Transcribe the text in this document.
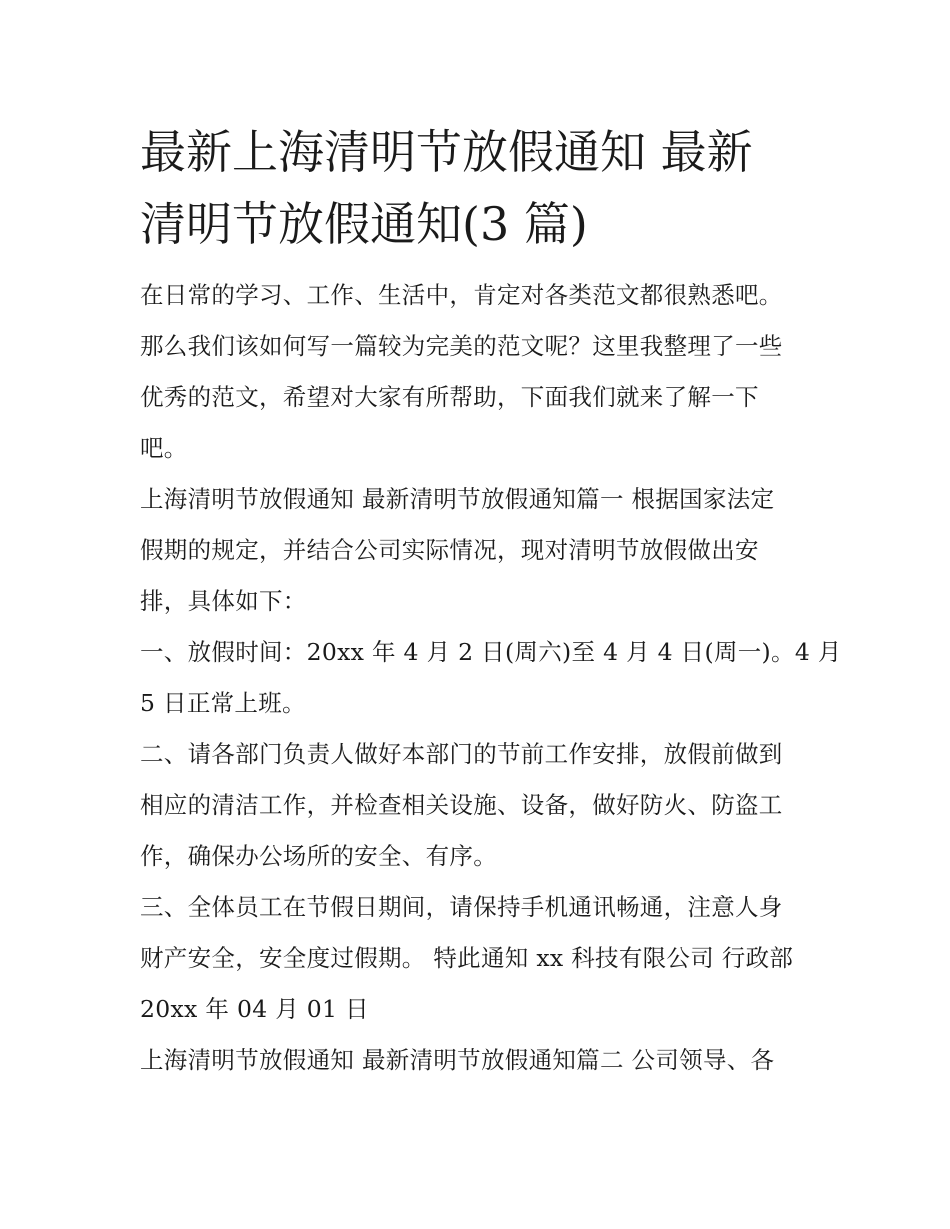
最新上海清明节放假通知 最新
清明节放假通知(3 篇)

在日常的学习、工作、生活中，肯定对各类范文都很熟悉吧。
那么我们该如何写一篇较为完美的范文呢？这里我整理了一些
优秀的范文，希望对大家有所帮助，下面我们就来了解一下
吧。

上海清明节放假通知 最新清明节放假通知篇一 根据国家法定
假期的规定，并结合公司实际情况，现对清明节放假做出安
排，具体如下：

一、放假时间：20xx 年 4 月 2 日(周六)至 4 月 4 日(周一)。4 月
5 日正常上班。

二、请各部门负责人做好本部门的节前工作安排，放假前做到
相应的清洁工作，并检查相关设施、设备，做好防火、防盗工
作，确保办公场所的安全、有序。

三、全体员工在节假日期间，请保持手机通讯畅通，注意人身
财产安全，安全度过假期。 特此通知 xx 科技有限公司 行政部
20xx 年 04 月 01 日

上海清明节放假通知 最新清明节放假通知篇二 公司领导、各
